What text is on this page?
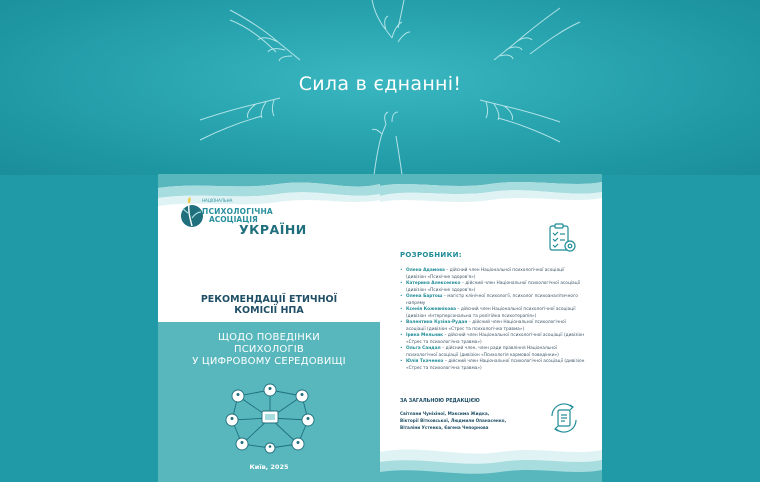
Сила в єднанні!
НАЦІОНАЛЬНА
ПСИХОЛОГІЧНА
АСОЦІАЦІЯ
УКРАЇНИ
РЕКОМЕНДАЦІЇ ЕТИЧНОЇ
КОМІСІЇ НПА
ЩОДО ПОВЕДІНКИ
ПСИХОЛОГІВ
У ЦИФРОВОМУ СЕРЕДОВИЩІ
Київ, 2025
РОЗРОБНИКИ:
• Олена Адамова – дійсний член Національної психологічної асоціації (дивізіон «Психічне здоров'я»)
• Катерина Алексеєнко – дійсний член Національної психологічної асоціації (дивізіон «Психічне здоров'я»)
• Олена Бартош – магістр клінічної психології, психолог психоаналітичного напряму
• Ксенія Кожевнікова – дійсний член Національної психологічної асоціації (дивізіон «Інтерперсональна та релігійна психотерапія»)
• Валентина Кузіна-Рудан – дійсний член Національної психологічної асоціації (дивізіон «Стрес та психологічна травма»)
• Ірина Мельник – дійсний член Національної психологічної асоціації (дивізіон «Стрес та психологічна травма»)
• Ольга Сандал – дійсний член, член ради правління Національної психологічної асоціації (дивізіон «Психологія кармової поведінки»)
• Юлія Ткаченко – дійсний член Національної психологічної асоціації (дивізіон «Стрес та психологічна травма»)
ЗА ЗАГАЛЬНОЮ РЕДАКЦІЄЮ
Світлани Чуніхіної, Максима Жидка,
Вікторії Вітковської, Людмили Опанасенко,
Віталіни Устенка, Євгена Чепорнова
